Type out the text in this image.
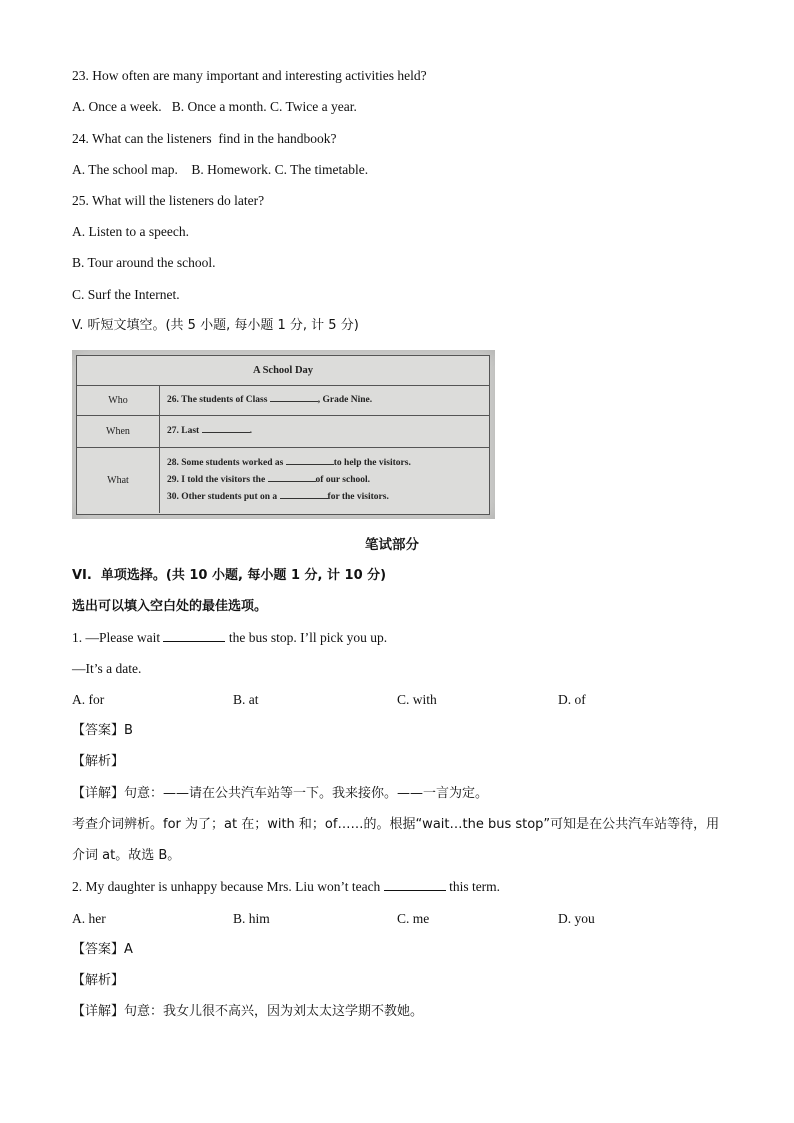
23. How often are many important and interesting activities held?
A. Once a week.   B. Once a month. C. Twice a year.
24. What can the listeners  find in the handbook?
A. The school map.    B. Homework. C. The timetable.
25. What will the listeners do later?
A. Listen to a speech.
B. Tour around the school.
C. Surf the Internet.
V. 听短文填空。(共 5 小题, 每小题 1 分, 计 5 分)
A School Day
Who	26. The students of Class	, Grade Nine.
When	27. Last	.
What
28. Some students worked as	to help the visitors.
29. I told the visitors the	of our school.
30. Other students put on a	for the visitors.
笔试部分
VI.  单项选择。(共 10 小题, 每小题 1 分, 计 10 分)
选出可以填入空白处的最佳选项。
1. —Please wait	the bus stop. I’ll pick you up.
—It’s a date.
A. for	B. at	C. with	D. of
【答案】B
【解析】
【详解】句意：——请在公共汽车站等一下。我来接你。——一言为定。
考查介词辨析。for 为了；at 在；with 和；of……的。根据“wait…the bus stop”可知是在公共汽车站等待，用
介词 at。故选 B。
2. My daughter is unhappy because Mrs. Liu won’t teach	this term.
A. her	B. him	C. me	D. you
【答案】A
【解析】
【详解】句意：我女儿很不高兴，因为刘太太这学期不教她。
